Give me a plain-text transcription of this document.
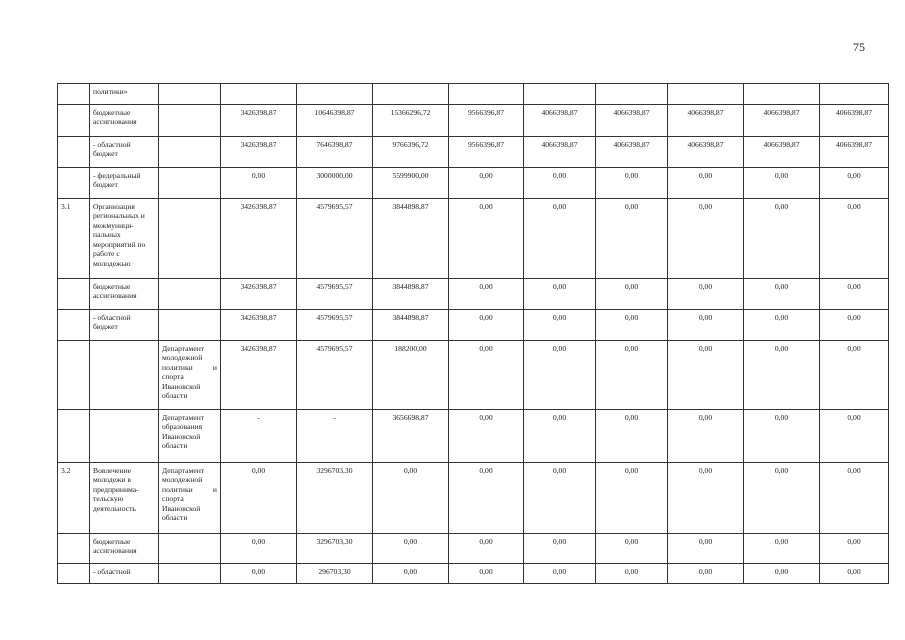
75
	политики»										
	бюджетные ассигнования		3426398,87	10646398,87	15366296,72	9566396,87	4066398,87	4066398,87	4066398,87	4066398,87	4066398,87
	- областной бюджет		3426398,87	7646398,87	9766396,72	9566396,87	4066398,87	4066398,87	4066398,87	4066398,87	4066398,87
	- федеральный бюджет		0,00	3000000,00	5599900,00	0,00	0,00	0,00	0,00	0,00	0,00
3.1	Организация региональных и межмуници-пальных мероприятий по работе с молодежью		3426398,87	4579695,57	3844898,87	0,00	0,00	0,00	0,00	0,00	0,00
	бюджетные ассигнования		3426398,87	4579695,57	3844898,87	0,00	0,00	0,00	0,00	0,00	0,00
	- областной бюджет		3426398,87	4579695,57	3844898,87	0,00	0,00	0,00	0,00	0,00	0,00
		Департамент молодежной политики и спорта Ивановской области	3426398,87	4579695,57	188200,00	0,00	0,00	0,00	0,00	0,00	0,00
		Департамент образования Ивановской области	-	-	3656698,87	0,00	0,00	0,00	0,00	0,00	0,00
3.2	Вовлечение молодежи в предпринима-тельскую деятельность	Департамент молодежной политики и спорта Ивановской области	0,00	3296703,30	0,00	0,00	0,00	0,00	0,00	0,00	0,00
	бюджетные ассигнования		0,00	3296703,30	0,00	0,00	0,00	0,00	0,00	0,00	0,00
	- областной		0,00	296703,30	0,00	0,00	0,00	0,00	0,00	0,00	0,00
